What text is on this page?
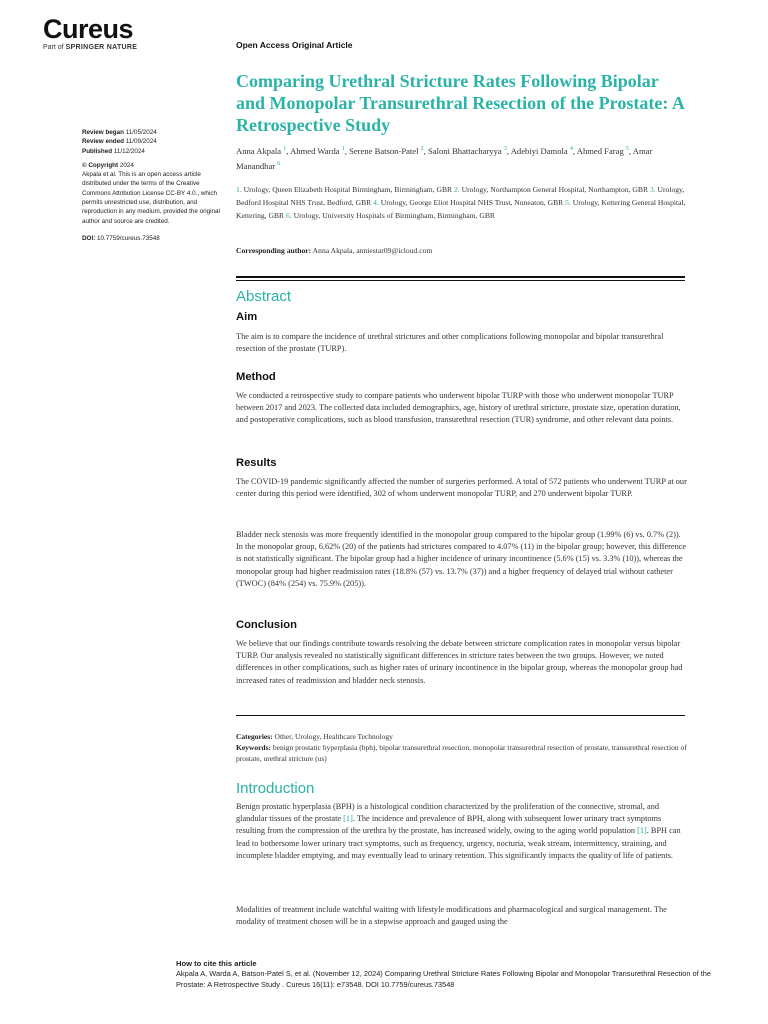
Cureus
Part of SPRINGER NATURE	Open Access Original Article
Comparing Urethral Stricture Rates Following Bipolar and Monopolar Transurethral Resection of the Prostate: A Retrospective Study
Review began 11/05/2024
Review ended 11/09/2024
Published 11/12/2024
© Copyright 2024
Akpala et al. This is an open access article distributed under the terms of the Creative Commons Attribution License CC-BY 4.0., which permits unrestricted use, distribution, and reproduction in any medium, provided the original author and source are credited.
DOI: 10.7759/cureus.73548
Anna Akpala $^1$, Ahmed Warda $^1$, Serene Batson-Patel $^2$, Saloni Bhattacharyya $^3$, Adebiyi Damola $^4$, Ahmed Farag $^5$, Amar Manandhar $^6$
1. Urology, Queen Elizabeth Hospital Birmingham, Birmingham, GBR 2. Urology, Northampton General Hospital, Northampton, GBR 3. Urology, Bedford Hospital NHS Trust, Bedford, GBR 4. Urology, George Eliot Hospital NHS Trust, Nuneaton, GBR 5. Urology, Kettering General Hospital, Kettering, GBR 6. Urology, University Hospitals of Birmingham, Birmingham, GBR
Corresponding author: Anna Akpala, anniestar09@icloud.com
Abstract
Aim

The aim is to compare the incidence of urethral strictures and other complications following monopolar and bipolar transurethral resection of the prostate (TURP).

Method

We conducted a retrospective study to compare patients who underwent bipolar TURP with those who underwent monopolar TURP between 2017 and 2023. The collected data included demographics, age, history of urethral stricture, prostate size, operation duration, and postoperative complications, such as blood transfusion, transurethral resection (TUR) syndrome, and other relevant data points.

Results

The COVID-19 pandemic significantly affected the number of surgeries performed. A total of 572 patients who underwent TURP at our center during this period were identified, 302 of whom underwent monopolar TURP, and 270 underwent bipolar TURP.

Bladder neck stenosis was more frequently identified in the monopolar group compared to the bipolar group (1.99% (6) vs. 0.7% (2)). In the monopolar group, 6.62% (20) of the patients had strictures compared to 4.07% (11) in the bipolar group; however, this difference is not statistically significant. The bipolar group had a higher incidence of urinary incontinence (5.6% (15) vs. 3.3% (10)), whereas the monopolar group had higher readmission rates (18.8% (57) vs. 13.7% (37)) and a higher frequency of delayed trial without catheter (TWOC) (84% (254) vs. 75.9% (205)).

Conclusion

We believe that our findings contribute towards resolving the debate between stricture complication rates in monopolar versus bipolar TURP. Our analysis revealed no statistically significant differences in stricture rates between the two groups. However, we noted differences in other complications, such as higher rates of urinary incontinence in the bipolar group, whereas the monopolar group had increased rates of readmission and bladder neck stenosis.

Categories: Other, Urology, Healthcare Technology
Keywords: benign prostatic hyperplasia (bph), bipolar transurethral resection, monopolar transurethral resection of prostate, transurethral resection of prostate, urethral stricture (us)
Introduction

Benign prostatic hyperplasia (BPH) is a histological condition characterized by the proliferation of the connective, stromal, and glandular tissues of the prostate [1]. The incidence and prevalence of BPH, along with subsequent lower urinary tract symptoms resulting from the compression of the urethra by the prostate, has increased widely, owing to the aging world population [1]. BPH can lead to bothersome lower urinary tract symptoms, such as frequency, urgency, nocturia, weak stream, intermittency, straining, and incomplete bladder emptying, and may eventually lead to urinary retention. This significantly impacts the quality of life of patients.

Modalities of treatment include watchful waiting with lifestyle modifications and pharmacological and surgical management. The modality of treatment chosen will be in a stepwise approach and gauged using the

How to cite this article
Akpala A, Warda A, Batson-Patel S, et al. (November 12, 2024) Comparing Urethral Stricture Rates Following Bipolar and Monopolar Transurethral Resection of the Prostate: A Retrospective Study . Cureus 16(11): e73548. DOI 10.7759/cureus.73548
